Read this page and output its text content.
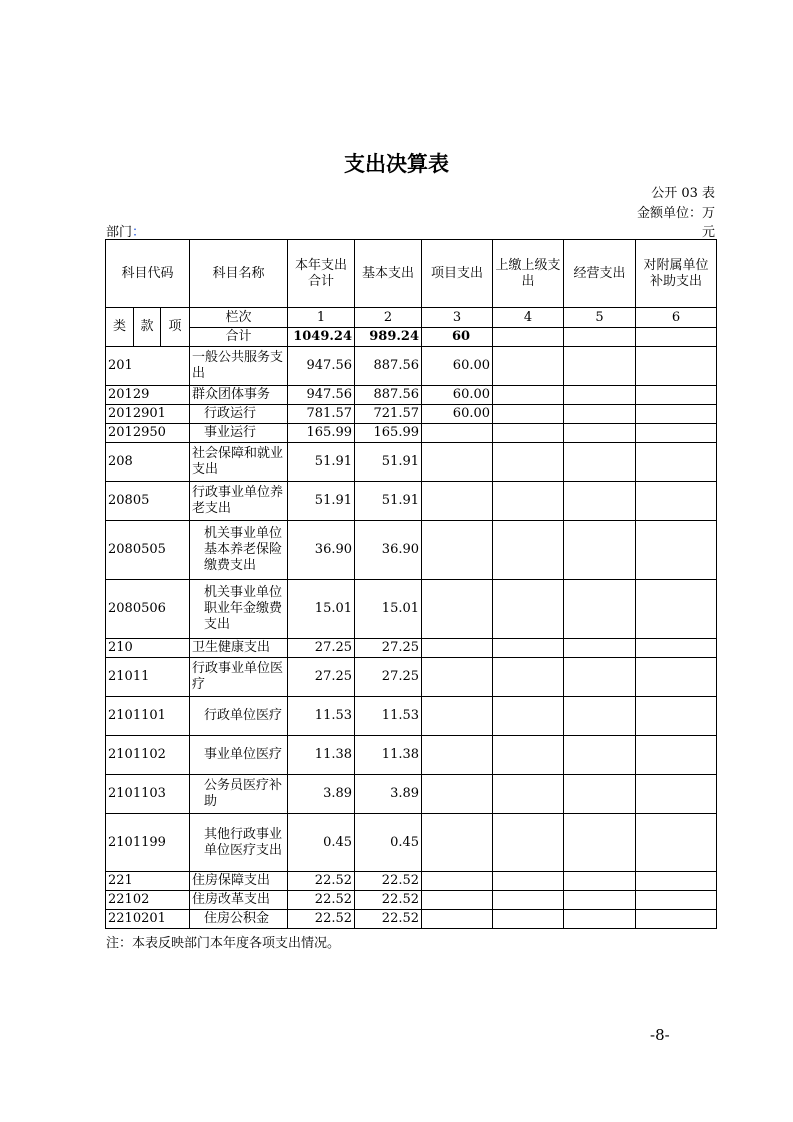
支出决算表
公开 03 表
金额单位：万
元
部门：
科目代码			科目名称	本年支出合计	基本支出	项目支出	上缴上级支出	经营支出	对附属单位补助支出
类	款	项	栏次	1	2	3	4	5	6
			合计	1049.24	989.24	60			
201			一般公共服务支出	947.56	887.56	60.00			
20129			群众团体事务	947.56	887.56	60.00			
2012901			行政运行	781.57	721.57	60.00			
2012950			事业运行	165.99	165.99				
208			社会保障和就业支出	51.91	51.91				
20805			行政事业单位养老支出	51.91	51.91				
2080505			机关事业单位基本养老保险缴费支出	36.90	36.90				
2080506			机关事业单位职业年金缴费支出	15.01	15.01				
210			卫生健康支出	27.25	27.25				
21011			行政事业单位医疗	27.25	27.25				
2101101			行政单位医疗	11.53	11.53				
2101102			事业单位医疗	11.38	11.38				
2101103			公务员医疗补助	3.89	3.89				
2101199			其他行政事业单位医疗支出	0.45	0.45				
221			住房保障支出	22.52	22.52				
22102			住房改革支出	22.52	22.52				
2210201			住房公积金	22.52	22.52				
注：本表反映部门本年度各项支出情况。
-8-
